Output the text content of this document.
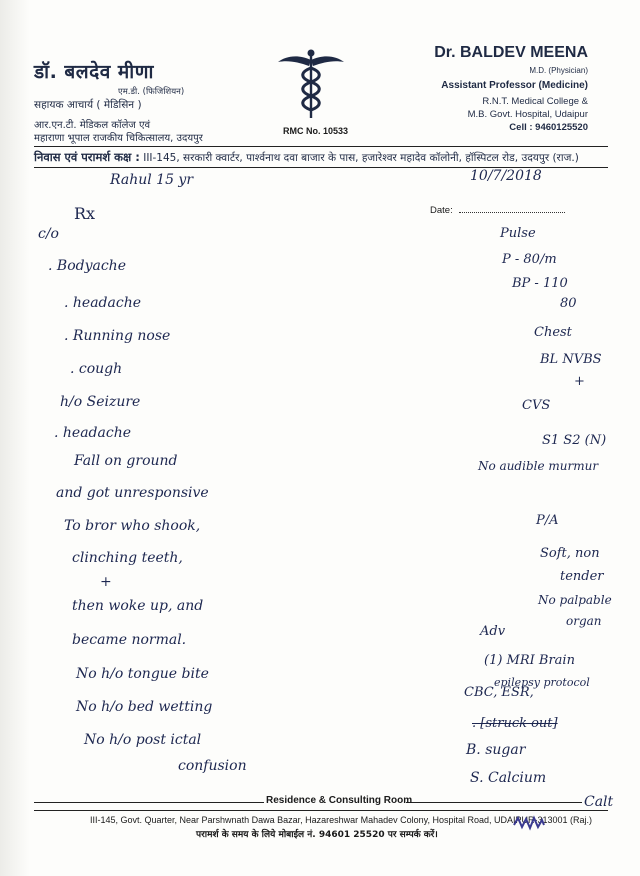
डॉ. बलदेव मीणा
एम.डी. (फिजिशियन)
सहायक आचार्य ( मेडिसिन )
आर.एन.टी. मेडिकल कॉलेज एवं
महाराणा भूपाल राजकीय चिकित्सालय, उदयपुर
RMC No. 10533
Dr. BALDEV MEENA
M.D. (Physician)
Assistant Professor (Medicine)
R.N.T. Medical College &
M.B. Govt. Hospital, Udaipur
Cell : 9460125520
निवास एवं परामर्श कक्ष : III-145, सरकारी क्वार्टर, पार्श्वनाथ दवा बाजार के पास, हजारेश्वर महादेव कॉलोनी, हॉस्पिटल रोड, उदयपुर (राज.)
Date:
Rahul 15 yr	10/7/2018
Rx
c/o
. Bodyache
. headache
. Running nose
. cough
h/o Seizure
. headache
Fall on ground
and got unresponsive
To bror who shook,
clinching teeth,
+
then woke up, and
became normal.
No h/o tongue bite
No h/o bed wetting
No h/o post ictal
confusion
Pulse
P - 80/m
BP - 110
80
Chest
BL NVBS
+
CVS
S1 S2 (N)
No audible murmur
P/A
Soft, non
tender
No palpable
organ
Adv
(1) MRI Brain
epilepsy protocol
CBC, ESR,
. [struck out]
B. sugar
S. Calcium
Calt
Residence & Consulting Room
III-145, Govt. Quarter, Near Parshwnath Dawa Bazar, Hazareshwar Mahadev Colony, Hospital Road, UDAIPUR-313001 (Raj.)
परामर्श के समय के लिये मोबाईल नं. 94601 25520 पर सम्पर्क करें।
